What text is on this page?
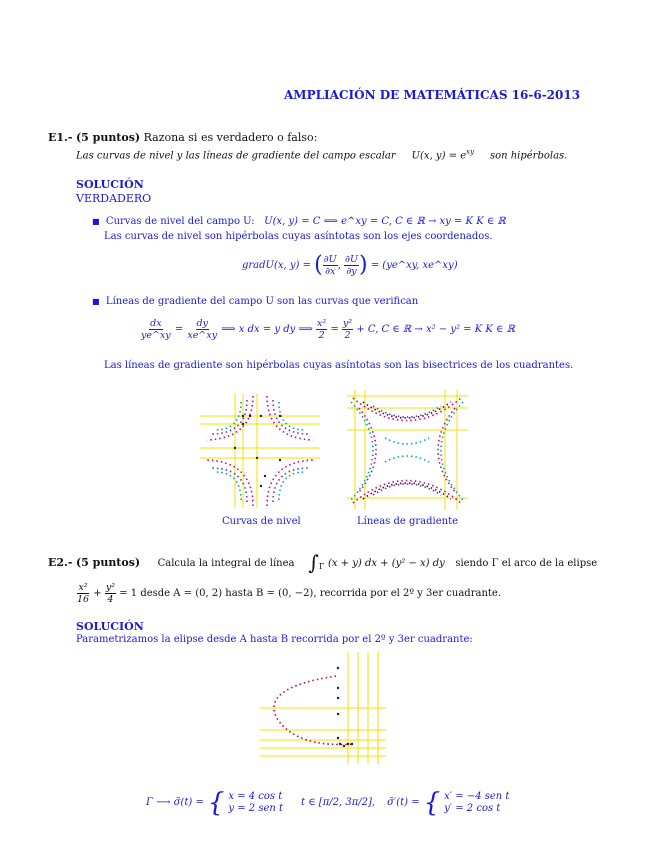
AMPLIACIÓN DE MATEMÁTICAS 16-6-2013
E1.- (5 puntos) Razona si es verdadero o falso:
Las curvas de nivel y las líneas de gradiente del campo escalar U(x, $y) = e^{xy}$ son hipérbolas.
SOLUCIÓN
VERDADERO
■ Curvas de nivel del campo U: U(x, y) = C ⟺ e^xy = C, C ∈ ℝ → xy = K K ∈ ℝ
Las curvas de nivel son hipérbolas cuyas asíntotas son los ejes coordenados.
gradU(x, y) = ( $\frac{\partial U}{\partial x}$ , $\frac{\partial U}{\partial y}$ ) = (ye^xy, xe^xy)
■ Líneas de gradiente del campo U son las curvas que verifican
$\frac{dx}{ye\^{}xy} = \frac{dy}{xe\^{}xy}$ ⟹ x dx = y dy ⟹ $\frac{\text{x²}}{2} = \frac{\text{y²}}{2} + C$, C ∈ ℝ → x² − y² = K K ∈ ℝ
Las líneas de gradiente son hipérbolas cuyas asíntotas son las bisectrices de los cuadrantes.
Curvas de nivel	Líneas de gradiente
E2.- (5 puntos) Calcula la integral de línea $\int_\Gamma$ (x + y) dx + (y² − x) dy siendo Γ el arco de la elipse
$\frac{\text{x²}}{16} + \frac{\text{y²}}{4} = 1$ desde A = (0, 2) hasta B = (0, −2), recorrida por el 2º y 3er cuadrante.
SOLUCIÓN
Parametrizamos la elipse desde A hasta B recorrida por el 2º y 3er cuadrante:
Γ ⟶ σ̄(t) = { x = 4 cos t
y = 2 sen t
t ∈ [π/2, 3π/2], σ̄′(t) = { x′ = −4 sen t
y′ = 2 cos t
